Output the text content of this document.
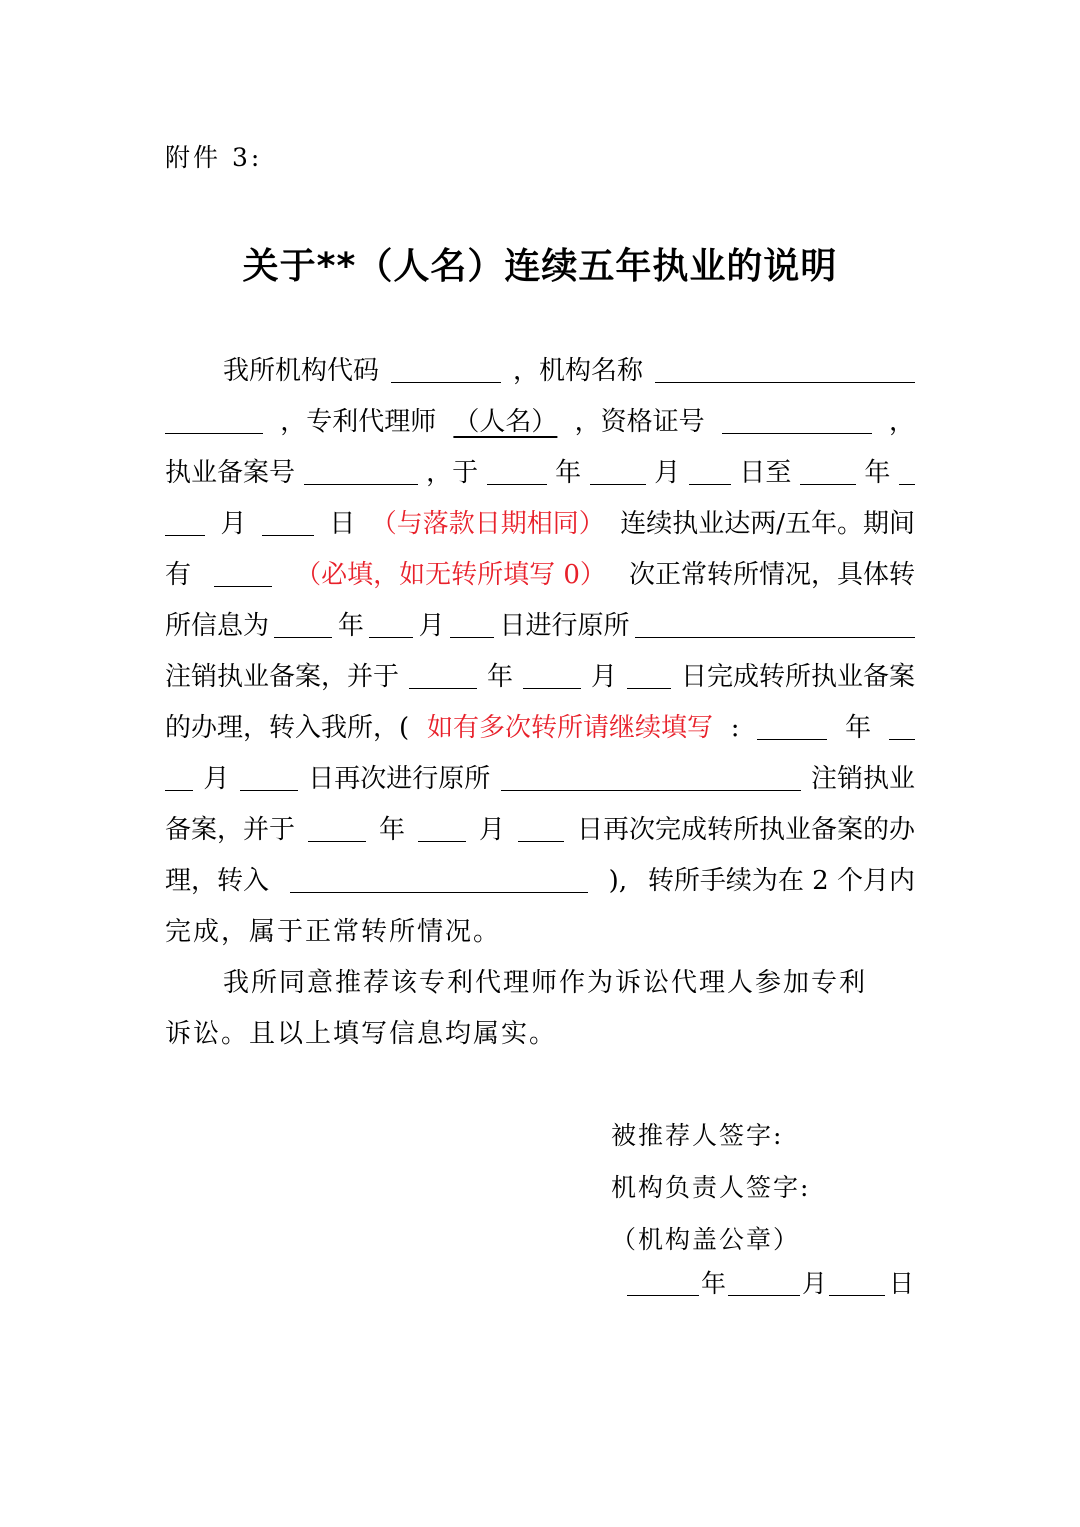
附件 3:
关于**（人名）连续五年执业的说明
我所机构代码	，机构名称
，专利代理师 （人名） ，资格证号	，
执业备案号	，于	年	月 日至	年
月	日 （与落款日期相同） 连续执业达两/五年。期间
有	（必填，如无转所填写 0） 次正常转所情况，具体转
所信息为	年 月 日进行原所
注销执业备案，并于	年	月 日完成转所执业备案
的办理，转入我所，( 如有多次转所请继续填写 :	年
月	日再次进行原所	注销执业
备案，并于	年	月	日再次完成转所执业备案的办
理，转入	), 转所手续为在 2 个月内
完成，属于正常转所情况。
我所同意推荐该专利代理师作为诉讼代理人参加专利
诉讼。且以上填写信息均属实。
被推荐人签字:
机构负责人签字:
（机构盖公章）
年	月 日
